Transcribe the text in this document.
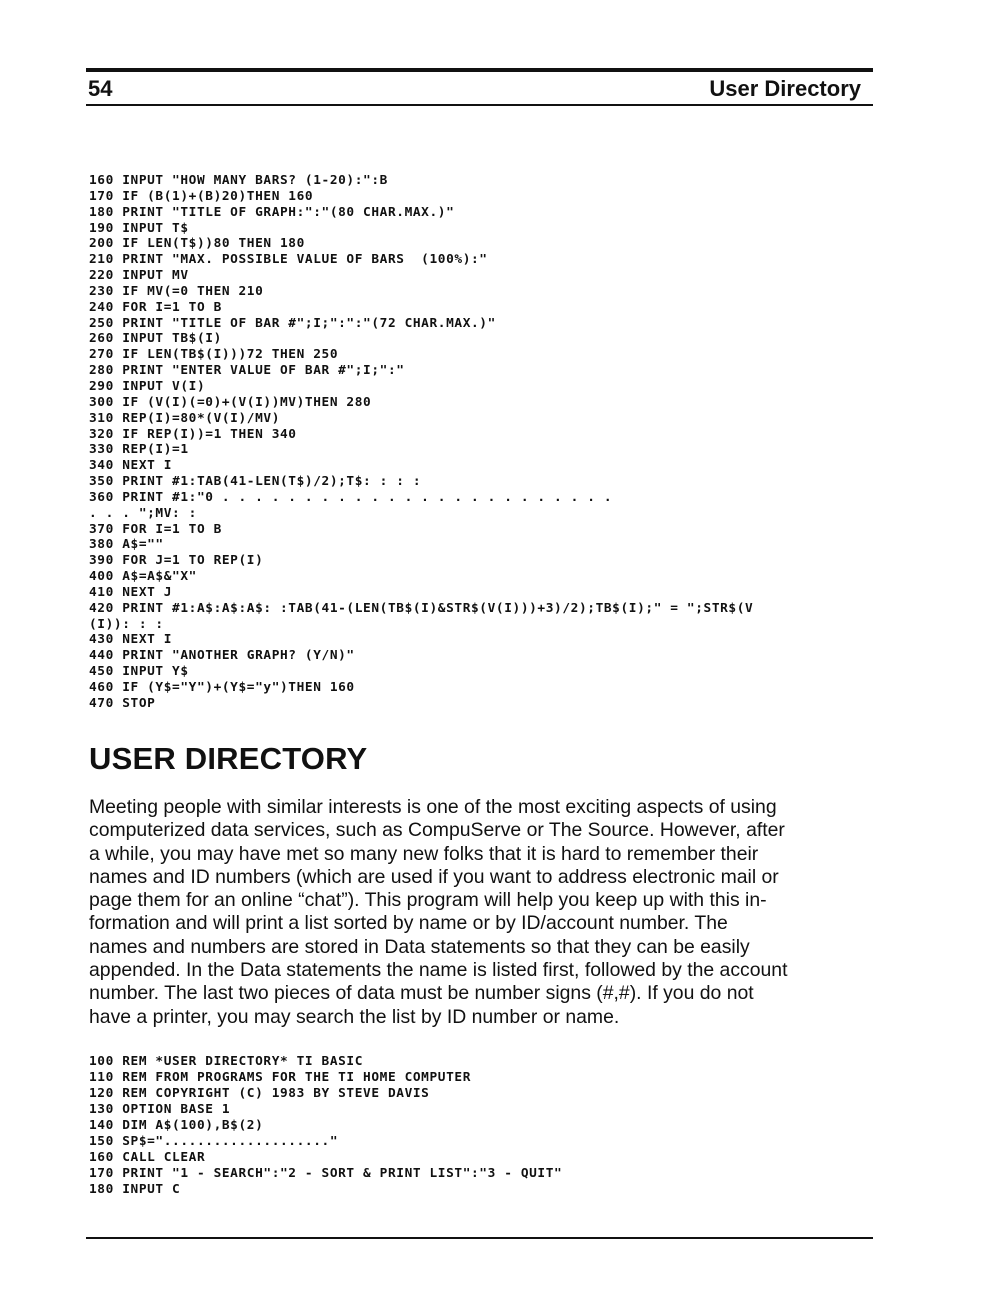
54	User Directory
160 INPUT "HOW MANY BARS? (1-20):":B
170 IF (B(1)+(B)20)THEN 160
180 PRINT "TITLE OF GRAPH:":"(80 CHAR.MAX.)"
190 INPUT T$
200 IF LEN(T$))80 THEN 180
210 PRINT "MAX. POSSIBLE VALUE OF BARS  (100%):"
220 INPUT MV
230 IF MV(=0 THEN 210
240 FOR I=1 TO B
250 PRINT "TITLE OF BAR #";I;":":"(72 CHAR.MAX.)"
260 INPUT TB$(I)
270 IF LEN(TB$(I)))72 THEN 250
280 PRINT "ENTER VALUE OF BAR #";I;":"
290 INPUT V(I)
300 IF (V(I)(=0)+(V(I))MV)THEN 280
310 REP(I)=80*(V(I)/MV)
320 IF REP(I))=1 THEN 340
330 REP(I)=1
340 NEXT I
350 PRINT #1:TAB(41-LEN(T$)/2);T$: : : :
360 PRINT #1:"0 . . . . . . . . . . . . . . . . . . . . . . . .
. . . ";MV: :
370 FOR I=1 TO B
380 A$=""
390 FOR J=1 TO REP(I)
400 A$=A$&"X"
410 NEXT J
420 PRINT #1:A$:A$:A$: :TAB(41-(LEN(TB$(I)&STR$(V(I)))+3)/2);TB$(I);" = ";STR$(V
(I)): : :
430 NEXT I
440 PRINT "ANOTHER GRAPH? (Y/N)"
450 INPUT Y$
460 IF (Y$="Y")+(Y$="y")THEN 160
470 STOP
USER DIRECTORY
Meeting people with similar interests is one of the most exciting aspects of using
computerized data services, such as CompuServe or The Source. However, after
a while, you may have met so many new folks that it is hard to remember their
names and ID numbers (which are used if you want to address electronic mail or
page them for an online “chat”). This program will help you keep up with this in-
formation and will print a list sorted by name or by ID/account number. The
names and numbers are stored in Data statements so that they can be easily
appended. In the Data statements the name is listed first, followed by the account
number. The last two pieces of data must be number signs (#,#). If you do not
have a printer, you may search the list by ID number or name.
100 REM *USER DIRECTORY* TI BASIC
110 REM FROM PROGRAMS FOR THE TI HOME COMPUTER
120 REM COPYRIGHT (C) 1983 BY STEVE DAVIS
130 OPTION BASE 1
140 DIM A$(100),B$(2)
150 SP$="...................."
160 CALL CLEAR
170 PRINT "1 - SEARCH":"2 - SORT & PRINT LIST":"3 - QUIT"
180 INPUT C
